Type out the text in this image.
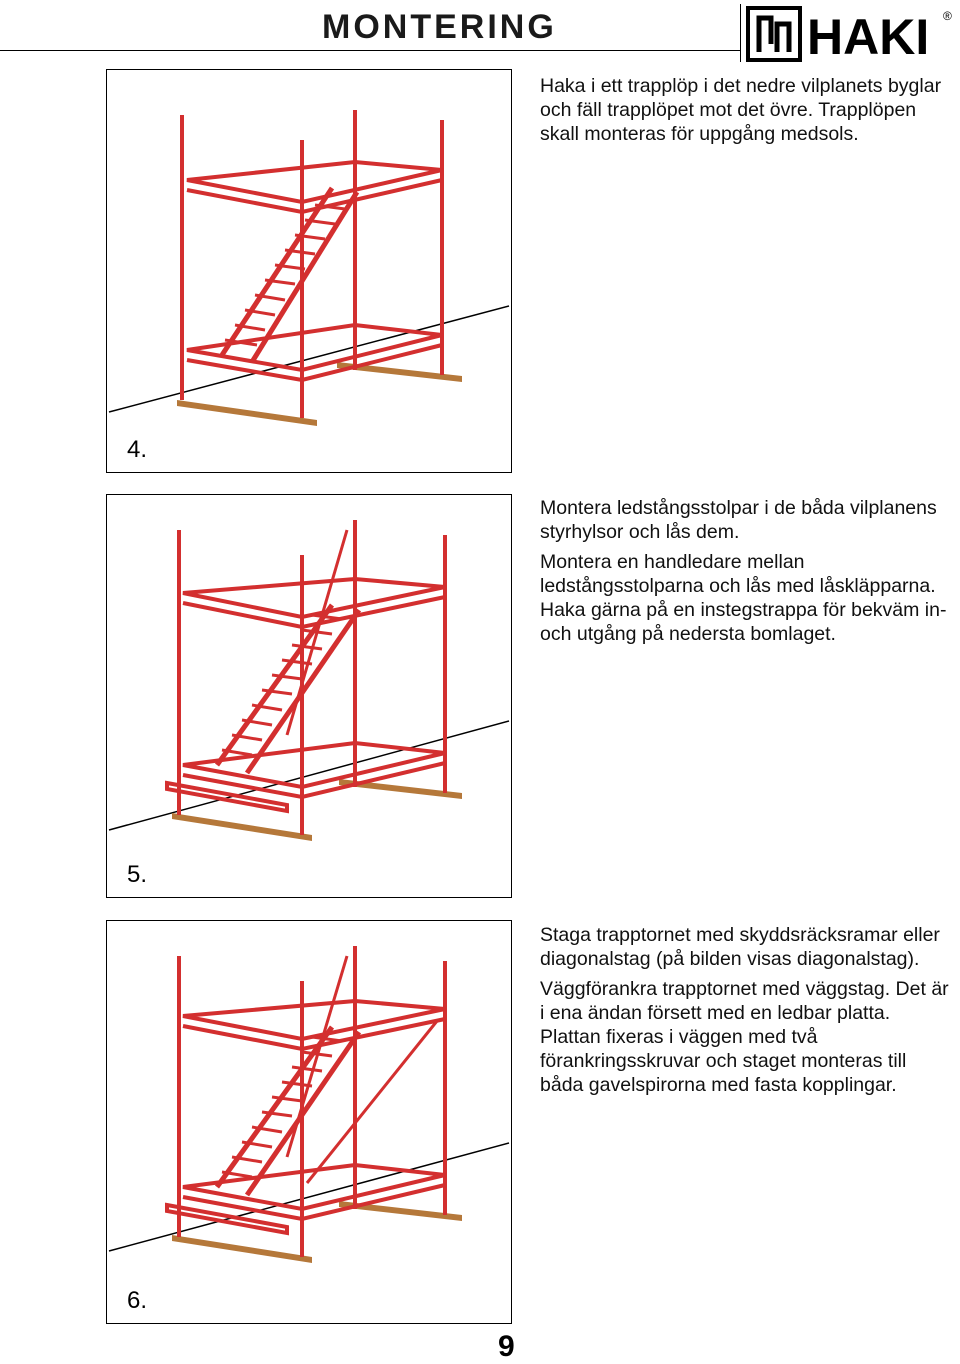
MONTERING	HAKI ®
4.

Haka i ett trapplöp i det nedre vilplanets byglar och fäll trapplöpet mot det övre. Trapplöpen skall monteras för uppgång medsols.

5.

Montera ledstångsstolpar i de båda vilplanens styrhylsor och lås dem.

Montera en handledare mellan ledstångsstolparna och lås med låskläpparna. Haka gärna på en instegstrappa för bekväm in- och utgång på nedersta bomlaget.

6.

Staga trapptornet med skyddsräcksramar eller diagonalstag (på bilden visas diagonalstag).

Väggförankra trapptornet med väggstag. Det är i ena ändan försett med en ledbar platta. Plattan fixeras i väggen med två förankringsskruvar och staget monteras till båda gavelspirorna med fasta kopplingar.

9
